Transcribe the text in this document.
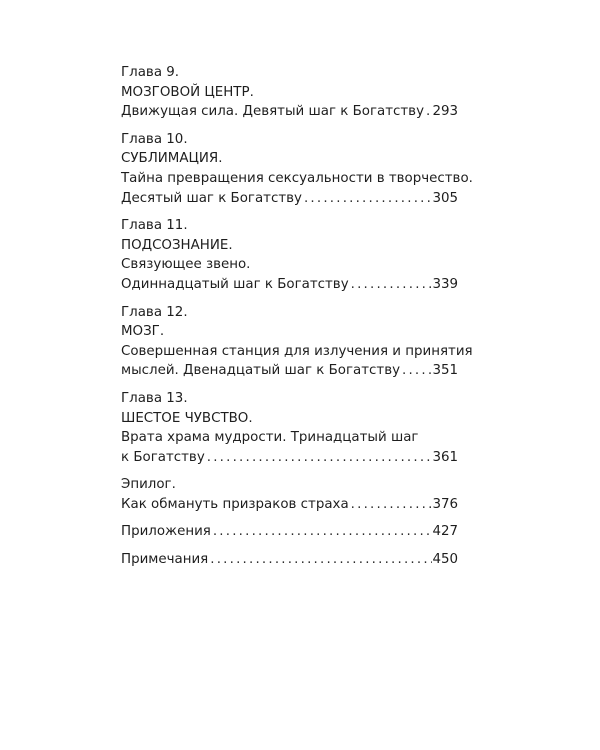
Глава 9.
МОЗГОВОЙ ЦЕНТР.
Движущая сила. Девятый шаг к Богатству ..... 293
Глава 10.
СУБЛИМАЦИЯ.
Тайна превращения сексуальности в творчество.
Десятый шаг к Богатству .....	305
Глава 11.
ПОДСОЗНАНИЕ.
Связующее звено.
Одиннадцатый шаг к Богатству .....	339
Глава 12.
МОЗГ.
Совершенная станция для излучения и принятия
мыслей. Двенадцатый шаг к Богатству ..... 351
Глава 13.
ШЕСТОЕ ЧУВСТВО.
Врата храма мудрости. Тринадцатый шаг
к Богатству .....	361
Эпилог.
Как обмануть призраков страха .....	376
Приложения .....	427
Примечания .....	450
